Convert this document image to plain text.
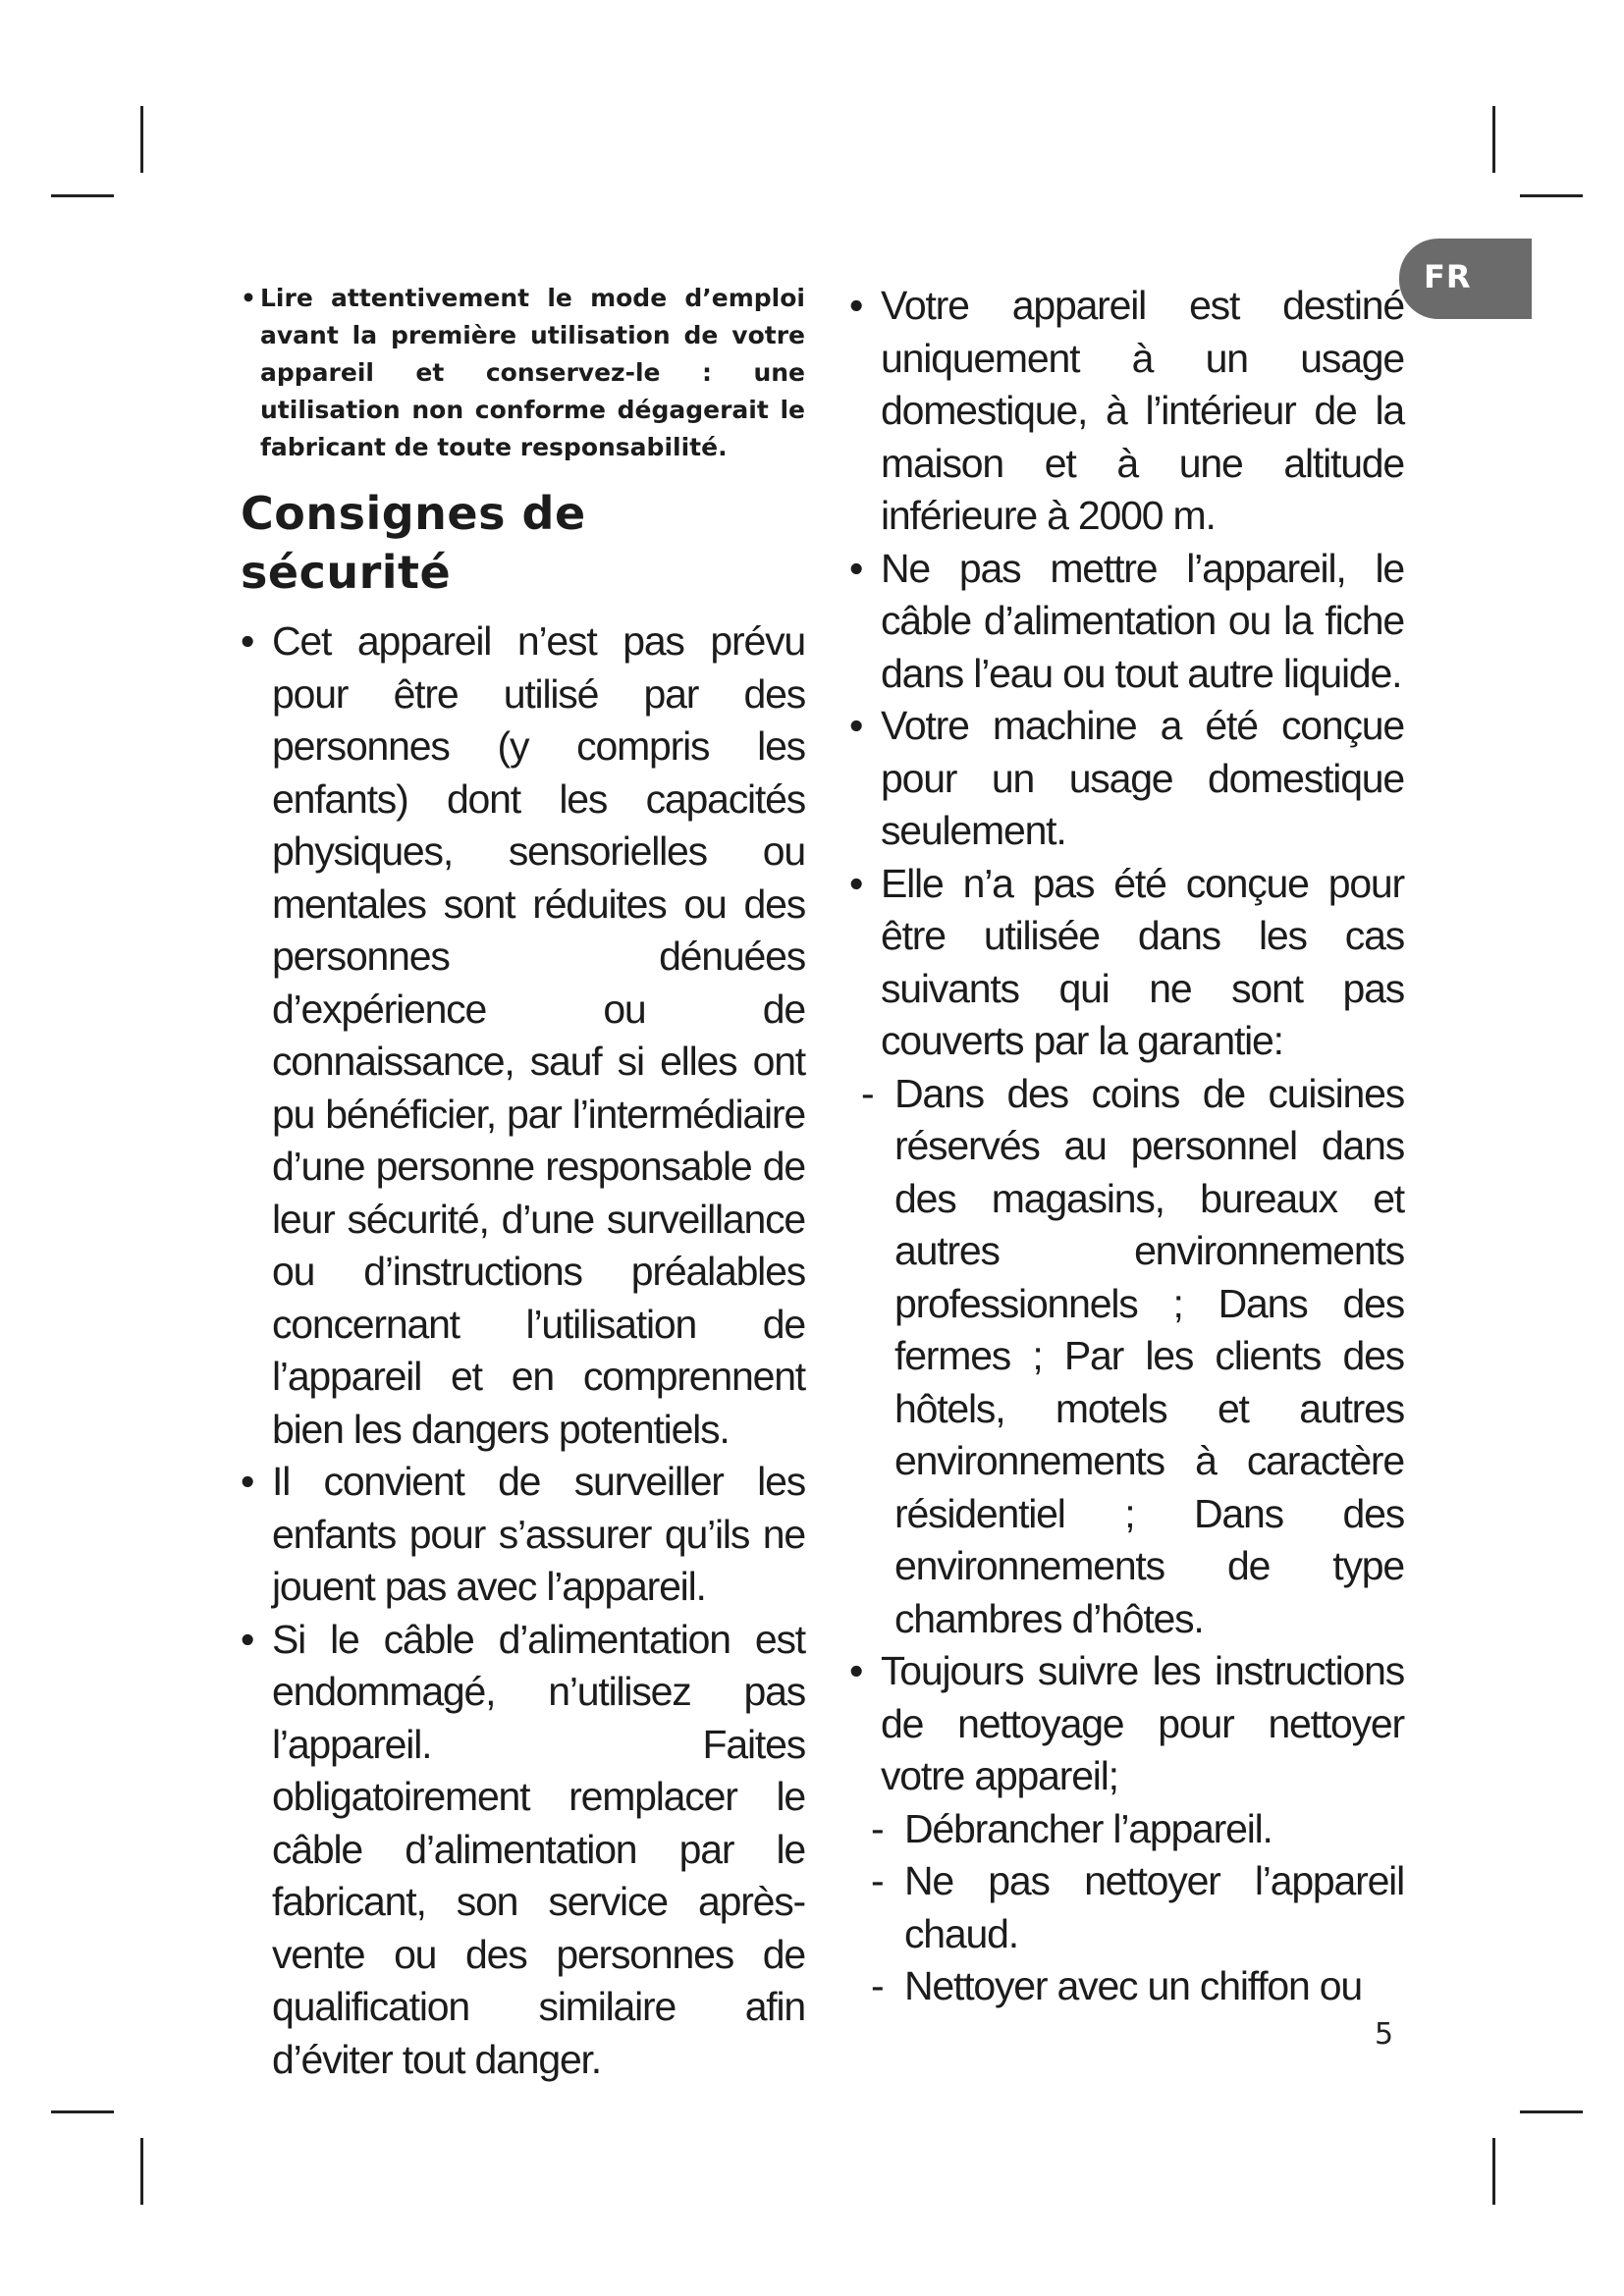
FR

• Lire attentivement le mode d’emploi avant la première utilisation de votre appareil et conservez-le : une utilisation non conforme dégagerait le fabricant de toute responsabilité.

Consignes de sécurité

• Cet appareil n’est pas prévu pour être utilisé par des personnes (y compris les enfants) dont les capacités physiques, sensorielles ou mentales sont réduites ou des personnes dénuées d’expérience ou de connaissance, sauf si elles ont pu bénéficier, par l’intermédiaire d’une personne responsable de leur sécurité, d’une surveillance ou d’instructions préalables concernant l’utilisation de l’appareil et en comprennent bien les dangers potentiels.

• Il convient de surveiller les enfants pour s’assurer qu’ils ne jouent pas avec l’appareil.

• Si le câble d’alimentation est endommagé, n’utilisez pas l’appareil. Faites obligatoirement remplacer le câble d’alimentation par le fabricant, son service après-vente ou des personnes de qualification similaire afin d’éviter tout danger.

• Votre appareil est destiné uniquement à un usage domestique, à l’intérieur de la maison et à une altitude inférieure à 2000 m.

• Ne pas mettre l’appareil, le câble d’alimentation ou la fiche dans l’eau ou tout autre liquide.

• Votre machine a été conçue pour un usage domestique seulement.

• Elle n’a pas été conçue pour être utilisée dans les cas suivants qui ne sont pas couverts par la garantie:

- Dans des coins de cuisines réservés au personnel dans des magasins, bureaux et autres environnements professionnels ; Dans des fermes ; Par les clients des hôtels, motels et autres environnements à caractère résidentiel ; Dans des environnements de type chambres d’hôtes.

• Toujours suivre les instructions de nettoyage pour nettoyer votre appareil;

- Débrancher l’appareil.

- Ne pas nettoyer l’appareil chaud.

- Nettoyer avec un chiffon ou

5
